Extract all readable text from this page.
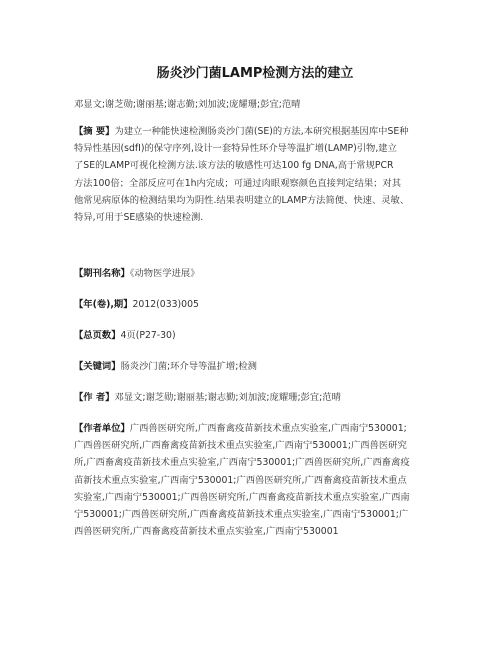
肠炎沙门菌LAMP检测方法的建立
邓显文;谢芝勋;谢丽基;谢志勤;刘加波;庞耀珊;彭宜;范晴
【摘 要】为建立一种能快速检测肠炎沙门菌(SE)的方法,本研究根据基因库中SE种
特异性基因(sdfⅠ)的保守序列,设计一套特异性环介导等温扩增(LAMP)引物,建立
了SE的LAMP可视化检测方法.该方法的敏感性可达100 fg DNA,高于常规PCR
方法100倍；全部反应可在1h内完成；可通过肉眼观察颜色直接判定结果；对其
他常见病原体的检测结果均为阴性.结果表明建立的LAMP方法简便、快速、灵敏、
特异,可用于SE感染的快速检测.
【期刊名称】《动物医学进展》
【年(卷),期】2012(033)005
【总页数】4页(P27-30)
【关键词】肠炎沙门菌;环介导等温扩增;检测
【作 者】邓显文;谢芝勋;谢丽基;谢志勤;刘加波;庞耀珊;彭宜;范晴
【作者单位】广西兽医研究所,广西畜禽疫苗新技术重点实验室,广西南宁530001;
广西兽医研究所,广西畜禽疫苗新技术重点实验室,广西南宁530001;广西兽医研究
所,广西畜禽疫苗新技术重点实验室,广西南宁530001;广西兽医研究所,广西畜禽疫
苗新技术重点实验室,广西南宁530001;广西兽医研究所,广西畜禽疫苗新技术重点
实验室,广西南宁530001;广西兽医研究所,广西畜禽疫苗新技术重点实验室,广西南
宁530001;广西兽医研究所,广西畜禽疫苗新技术重点实验室,广西南宁530001;广
西兽医研究所,广西畜禽疫苗新技术重点实验室,广西南宁530001
